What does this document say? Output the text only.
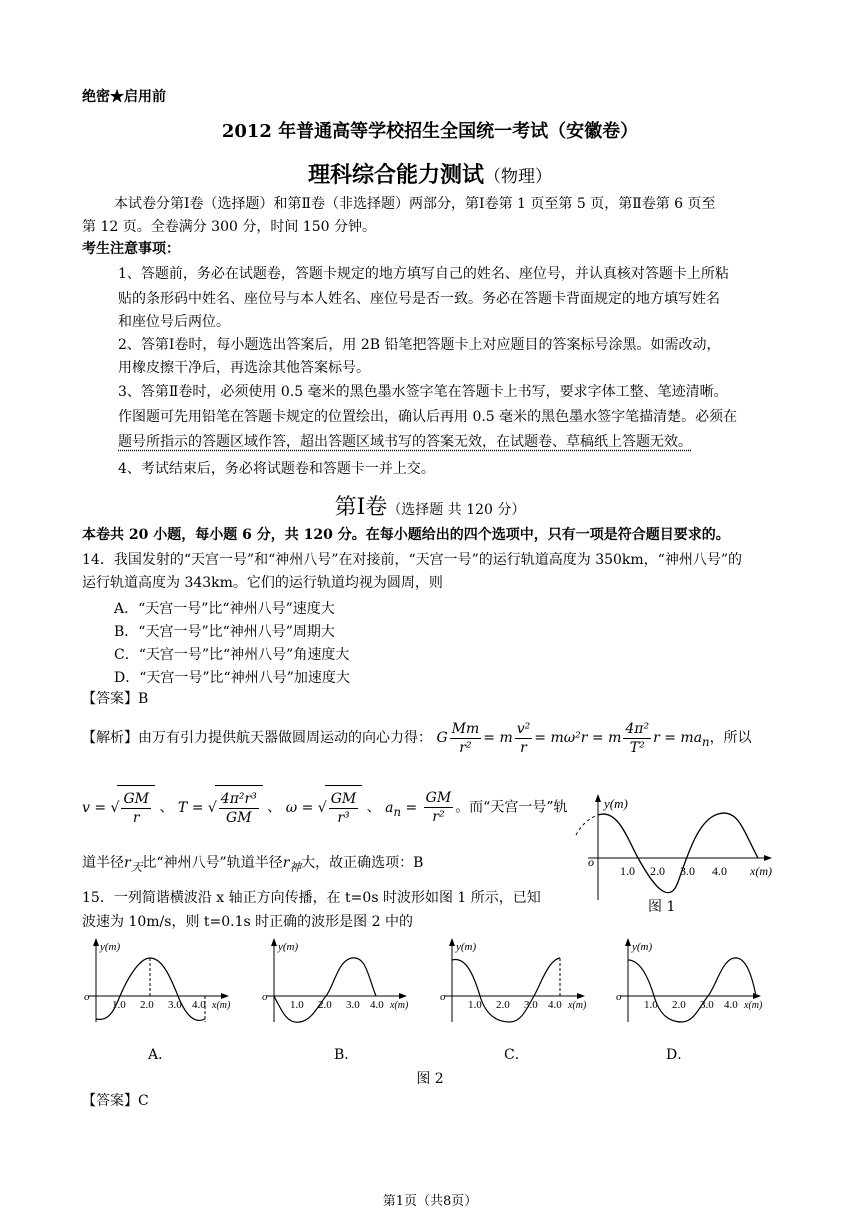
绝密★启用前
2012 年普通高等学校招生全国统一考试（安徽卷）
理科综合能力测试（物理）
本试卷分第Ⅰ卷（选择题）和第Ⅱ卷（非选择题）两部分，第Ⅰ卷第 1 页至第 5 页，第Ⅱ卷第 6 页至
第 12 页。全卷满分 300 分，时间 150 分钟。
考生注意事项：
1、答题前，务必在试题卷，答题卡规定的地方填写自己的姓名、座位号，并认真核对答题卡上所粘
贴的条形码中姓名、座位号与本人姓名、座位号是否一致。务必在答题卡背面规定的地方填写姓名
和座位号后两位。
2、答第Ⅰ卷时，每小题选出答案后，用 2B 铅笔把答题卡上对应题目的答案标号涂黑。如需改动，
用橡皮擦干净后，再选涂其他答案标号。
3、答第Ⅱ卷时，必须使用 0.5 毫米的黑色墨水签字笔在答题卡上书写，要求字体工整、笔迹清晰。
作图题可先用铅笔在答题卡规定的位置绘出，确认后再用 0.5 毫米的黑色墨水签字笔描清楚。必须在
题号所指示的答题区域作答，超出答题区域书写的答案无效，在试题卷、草稿纸上答题无效。
4、考试结束后，务必将试题卷和答题卡一并上交。
第Ⅰ卷（选择题 共 120 分）
本卷共 20 小题，每小题 6 分，共 120 分。在每小题给出的四个选项中，只有一项是符合题目要求的。
14．我国发射的“天宫一号”和“神州八号”在对接前，“天宫一号”的运行轨道高度为 350km，“神州八号”的
运行轨道高度为 343km。它们的运行轨道均视为圆周，则
A．“天宫一号”比“神州八号”速度大
B．“天宫一号”比“神州八号”周期大
C．“天宫一号”比“神州八号”角速度大
D．“天宫一号”比“神州八号”加速度大
【答案】B
【解析】由万有引力提供航天器做圆周运动的向心力得： G $\frac{Mm}{\text{r²}} = m \frac{\text{v²}}{r} = m\omega^2r = m \frac{\text{4π²}}{\text{T²}}$ $r = ma_n$，所以
v = √ $\frac{GM}{r}$ 、 T = √ $\frac{\text{4π²r³}}{GM}$ 、 ω = √ $\frac{GM}{\text{r³}}$ 、 $a_n = \frac{GM}{\text{r²}}$ 。而“天宫一号”轨
道半径$r_天$比“神州八号”轨道半径$r_神$大，故正确选项：B
15．一列简谐横波沿 x 轴正方向传播，在 t=0s 时波形如图 1 所示，已知
波速为 10m/s，则 t=0.1s 时正确的波形是图 2 中的
y(m)
o
1.0 2.0 3.0 4.0 x(m)
图 1
y(m)
o
1.0 2.0 3.0 4.0 x(m)
y(m)
o
1.0 2.0 3.0 4.0 x(m)
y(m)
o
1.0 2.0 3.0 4.0 x(m)
y(m)
o
1.0 2.0 3.0 4.0 x(m)
A．	B．	C．	D．
图 2
【答案】C
第1页（共8页）
